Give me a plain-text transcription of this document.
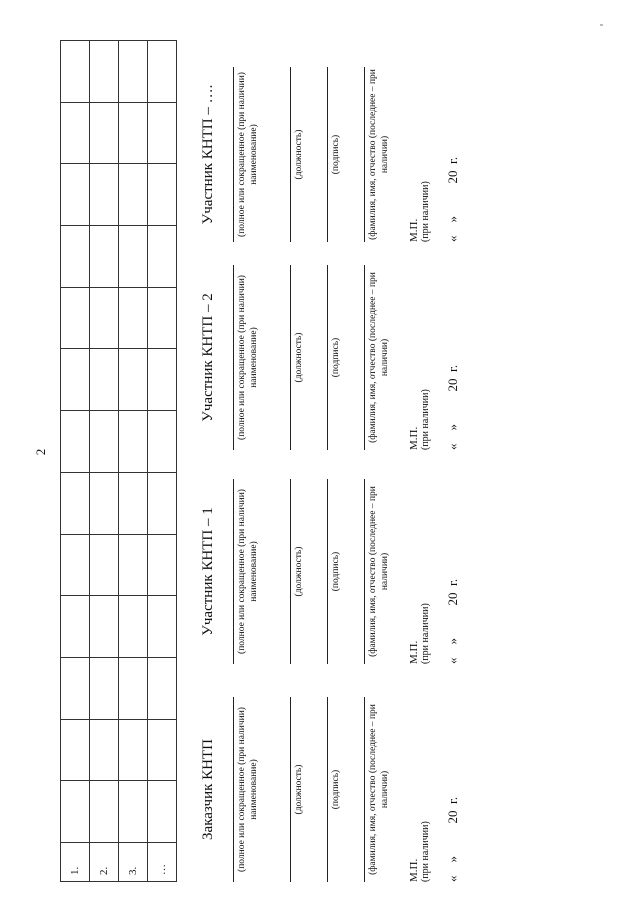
2
1.													
2.													
3.													
…													
Заказчик КНТП	(полное или сокращенное (при наличии) наименование)	(должность)	(подпись)	(фамилия, имя, отчество (последнее – при наличии)
М.П. (при наличии) «    »          20  г.
Участник КНТП – 1	(полное или сокращенное (при наличии) наименование)	(должность)	(подпись)	(фамилия, имя, отчество (последнее – при наличии)
М.П. (при наличии) «    »          20  г.
Участник КНТП – 2	(полное или сокращенное (при наличии) наименование)	(должность)	(подпись)	(фамилия, имя, отчество (последнее – при наличии)
М.П. (при наличии) «    »          20  г.
Участник КНТП – ….	(полное или сокращенное (при наличии) наименование)	(должность)	(подпись)	(фамилия, имя, отчество (последнее – при наличии)
М.П. (при наличии) «    »          20  г.
